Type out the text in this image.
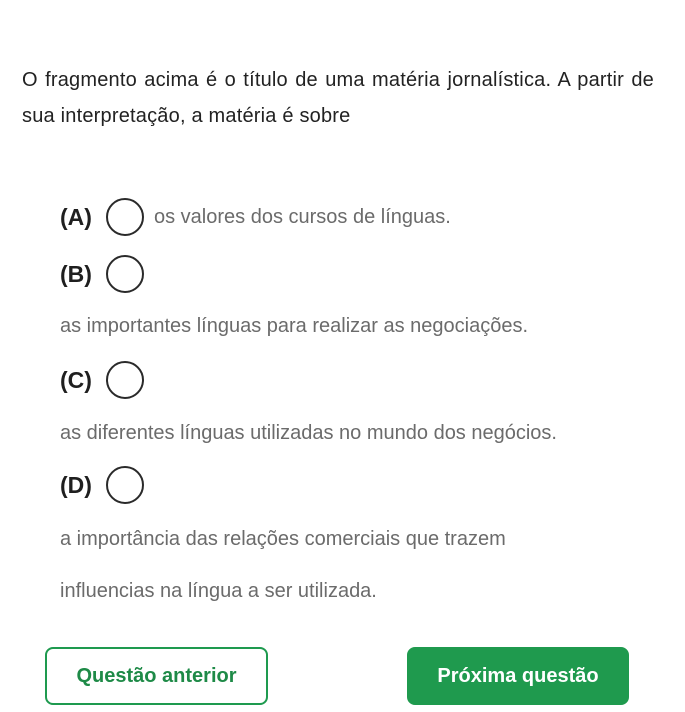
O fragmento acima é o título de uma matéria jornalística. A partir de sua interpretação, a matéria é sobre
(A)	os valores dos cursos de línguas.
(B)
as importantes línguas para realizar as negociações.
(C)
as diferentes línguas utilizadas no mundo dos negócios.
(D)
a importância das relações comerciais que trazem
influencias na língua a ser utilizada.
Questão anterior	Próxima questão
